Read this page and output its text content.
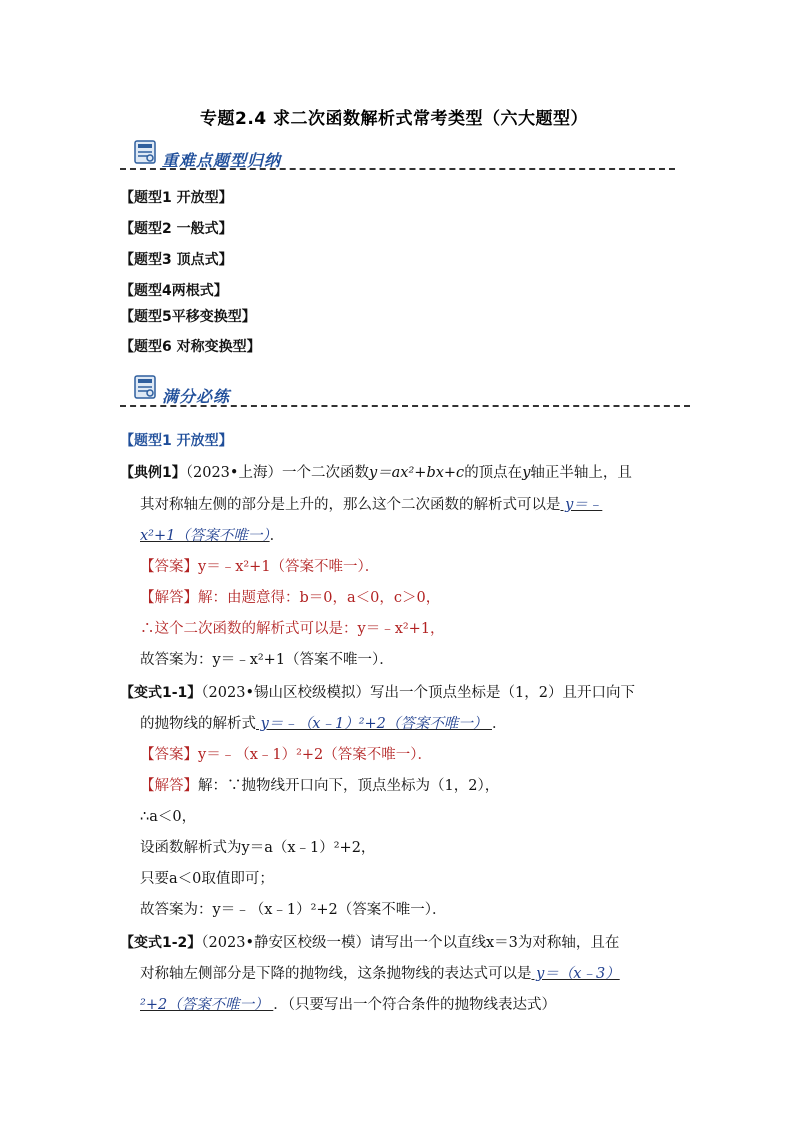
专题2.4 求二次函数解析式常考类型（六大题型）
重难点题型归纳
【题型1 开放型】
【题型2 一般式】
【题型3 顶点式】
【题型4两根式】
【题型5平移变换型】
【题型6 对称变换型】
满分必练
【题型1 开放型】
【典例1】（2023•上海）一个二次函数y＝ax²+bx+c的顶点在y轴正半轴上，且
其对称轴左侧的部分是上升的，那么这个二次函数的解析式可以是 y＝﹣
x²+1（答案不唯一）．
【答案】y＝﹣x²+1（答案不唯一）．
【解答】解：由题意得：b＝0，a＜0，c＞0，
∴这个二次函数的解析式可以是：y＝﹣x²+1，
故答案为：y＝﹣x²+1（答案不唯一）．
【变式1-1】（2023•锡山区校级模拟）写出一个顶点坐标是（1，2）且开口向下
的抛物线的解析式 y＝﹣（x﹣1）²+2（答案不唯一） ．
【答案】y＝﹣（x﹣1）²+2（答案不唯一）．
【解答】解：∵抛物线开口向下，顶点坐标为（1，2），
∴a＜0，
设函数解析式为y＝a（x﹣1）²+2，
只要a＜0取值即可；
故答案为：y＝﹣（x﹣1）²+2（答案不唯一）．
【变式1-2】（2023•静安区校级一模）请写出一个以直线x＝3为对称轴，且在
对称轴左侧部分是下降的抛物线，这条抛物线的表达式可以是 y＝（x﹣3）
²+2（答案不唯一） ．（只要写出一个符合条件的抛物线表达式）
